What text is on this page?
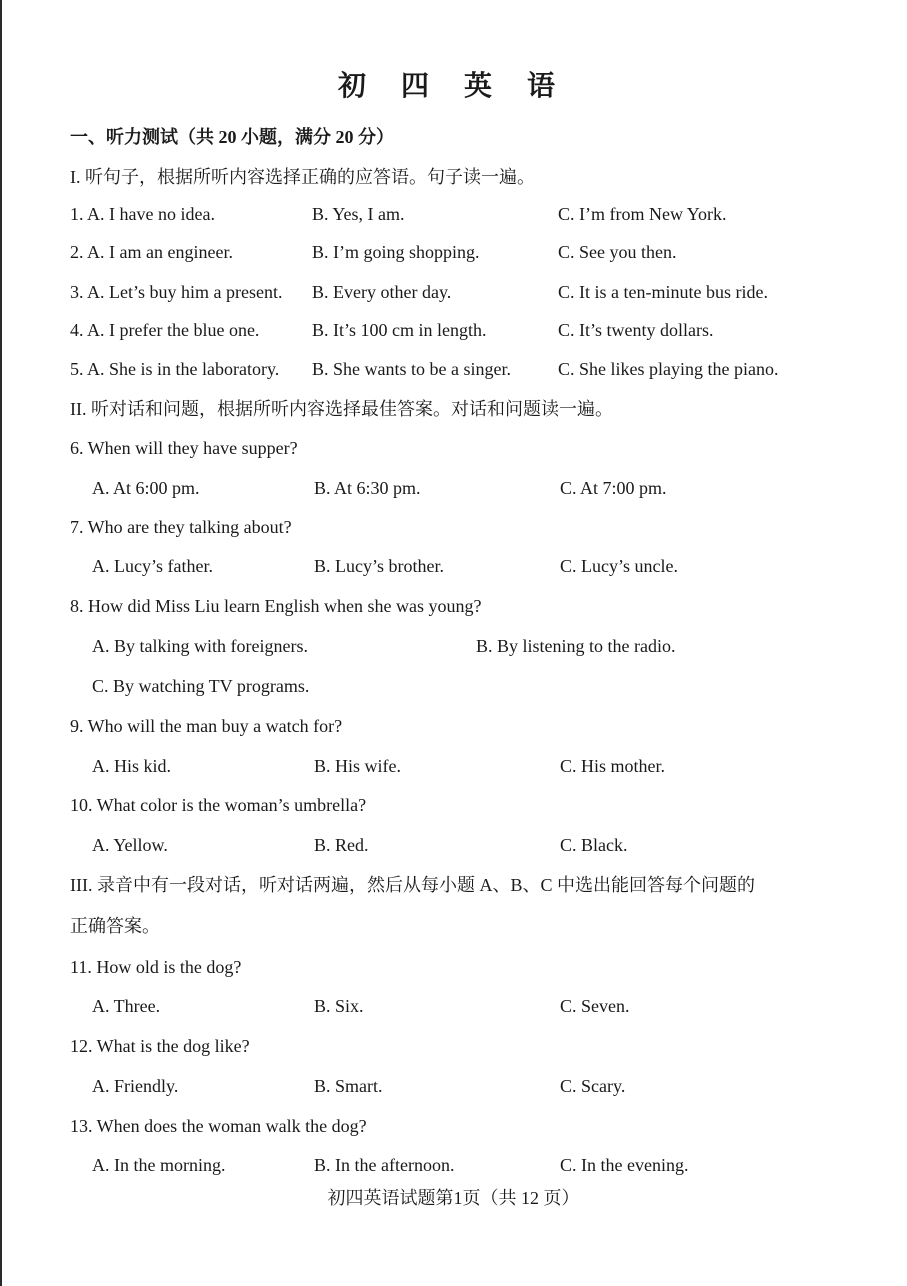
初 四 英 语
一、听力测试（共 20 小题，满分 20 分）
I. 听句子，根据所听内容选择正确的应答语。句子读一遍。
1. A. I have no idea.	B. Yes, I am.	C. I’m from New York.
2. A. I am an engineer.	B. I’m going shopping.	C. See you then.
3. A. Let’s buy him a present. B. Every other day.	C. It is a ten-minute bus ride.
4. A. I prefer the blue one.	B. It’s 100 cm in length.	C. It’s twenty dollars.
5. A. She is in the laboratory. B. She wants to be a singer.	C. She likes playing the piano.
II. 听对话和问题，根据所听内容选择最佳答案。对话和问题读一遍。
6. When will they have supper?
A. At 6:00 pm.	B. At 6:30 pm.	C. At 7:00 pm.
7. Who are they talking about?
A. Lucy’s father.	B. Lucy’s brother.	C. Lucy’s uncle.
8. How did Miss Liu learn English when she was young?
A. By talking with foreigners.	B. By listening to the radio.
C. By watching TV programs.
9. Who will the man buy a watch for?
A. His kid.	B. His wife.	C. His mother.
10. What color is the woman’s umbrella?
A. Yellow.	B. Red.	C. Black.
III. 录音中有一段对话，听对话两遍，然后从每小题 A、B、C 中选出能回答每个问题的
正确答案。
11. How old is the dog?
A. Three.	B. Six.	C. Seven.
12. What is the dog like?
A. Friendly.	B. Smart.	C. Scary.
13. When does the woman walk the dog?
A. In the morning.	B. In the afternoon.	C. In the evening.
初四英语试题第1页（共 12 页）
